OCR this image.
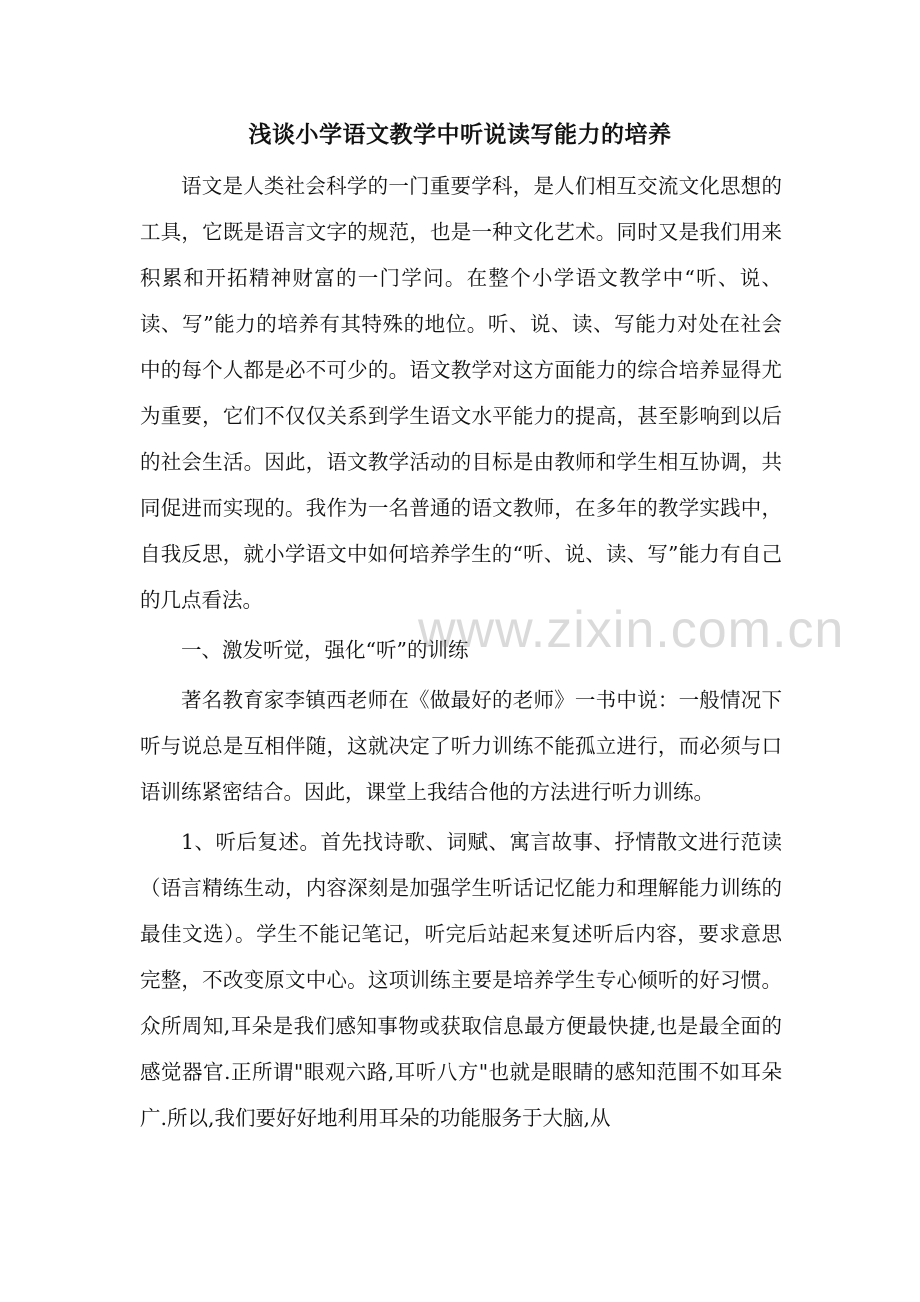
浅谈小学语文教学中听说读写能力的培养

语文是人类社会科学的一门重要学科，是人们相互交流文化思想的工具，它既是语言文字的规范，也是一种文化艺术。同时又是我们用来积累和开拓精神财富的一门学问。在整个小学语文教学中“听、说、读、写”能力的培养有其特殊的地位。听、说、读、写能力对处在社会中的每个人都是必不可少的。语文教学对这方面能力的综合培养显得尤为重要，它们不仅仅关系到学生语文水平能力的提高，甚至影响到以后的社会生活。因此，语文教学活动的目标是由教师和学生相互协调，共同促进而实现的。我作为一名普通的语文教师，在多年的教学实践中，自我反思，就小学语文中如何培养学生的“听、说、读、写”能力有自己的几点看法。

一、激发听觉，强化“听”的训练

著名教育家李镇西老师在《做最好的老师》一书中说：一般情况下听与说总是互相伴随，这就决定了听力训练不能孤立进行，而必须与口语训练紧密结合。因此，课堂上我结合他的方法进行听力训练。

1、听后复述。首先找诗歌、词赋、寓言故事、抒情散文进行范读（语言精练生动，内容深刻是加强学生听话记忆能力和理解能力训练的最佳文选）。学生不能记笔记，听完后站起来复述听后内容，要求意思完整，不改变原文中心。这项训练主要是培养学生专心倾听的好习惯。众所周知,耳朵是我们感知事物或获取信息最方便最快捷,也是最全面的感觉器官.正所谓"眼观六路,耳听八方"也就是眼睛的感知范围不如耳朵广.所以,我们要好好地利用耳朵的功能服务于大脑,从

www.zixin.com.cn
